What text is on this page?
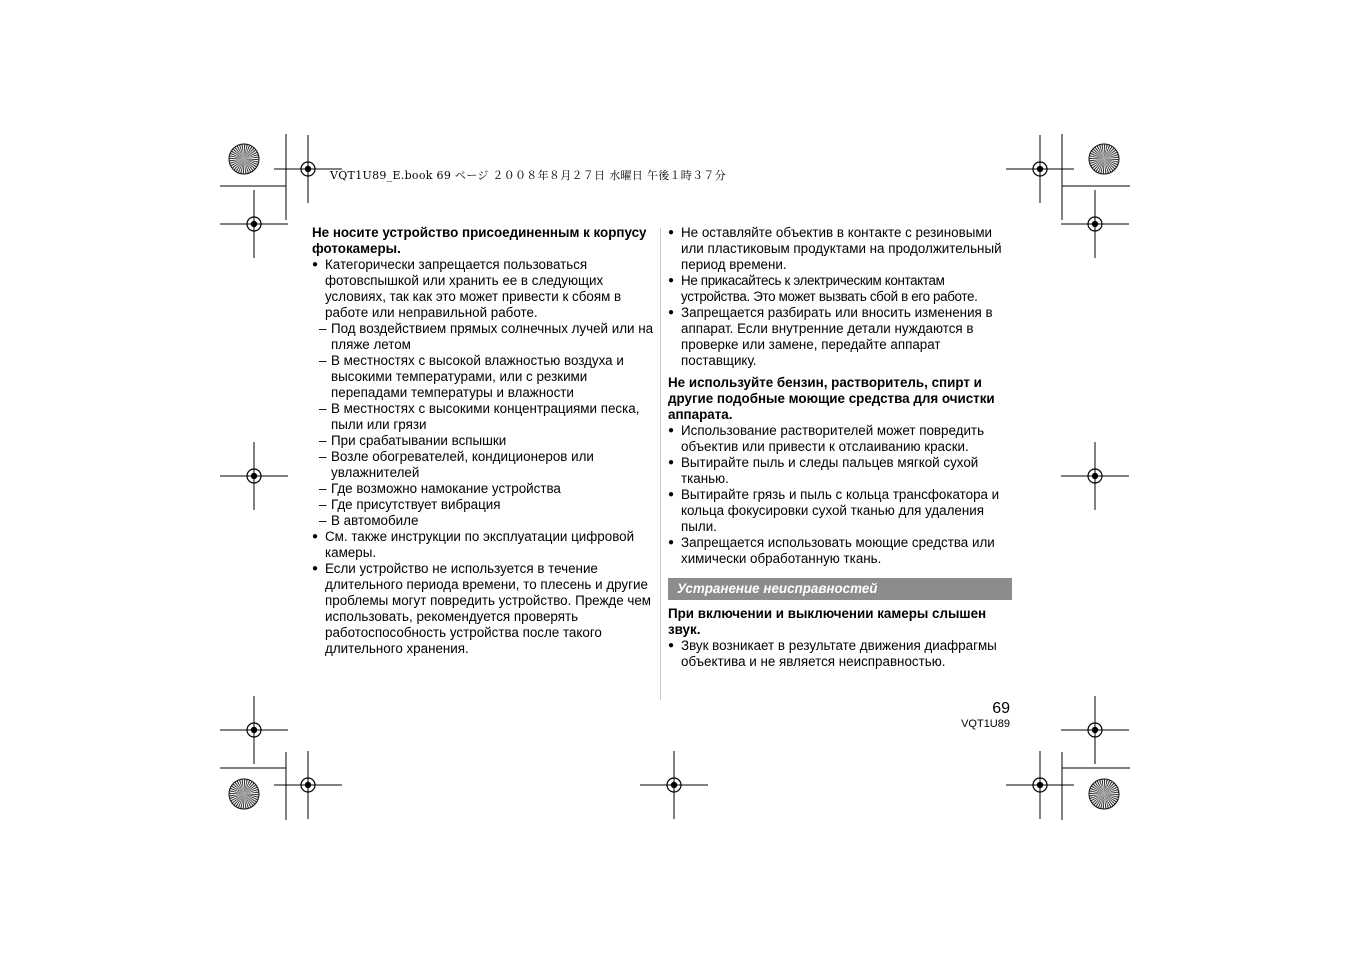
VQT1U89_E.book 69 ページ ２００８年８月２７日 水曜日 午後１時３７分

Не носите устройство присоединенным к корпусу фотокамеры.

● Категорически запрещается пользоваться фотовспышкой или хранить ее в следующих условиях, так как это может привести к сбоям в работе или неправильной работе.

– Под воздействием прямых солнечных лучей или на пляже летом

– В местностях с высокой влажностью воздуха и высокими температурами, или с резкими перепадами температуры и влажности

– В местностях с высокими концентрациями песка, пыли или грязи

– При срабатывании вспышки

– Возле обогревателей, кондиционеров или увлажнителей

– Где возможно намокание устройства

– Где присутствует вибрация

– В автомобиле

● См. также инструкции по эксплуатации цифровой камеры.

● Если устройство не используется в течение длительного периода времени, то плесень и другие проблемы могут повредить устройство. Прежде чем использовать, рекомендуется проверять работоспособность устройства после такого длительного хранения.

● Не оставляйте объектив в контакте с резиновыми или пластиковым продуктами на продолжительный период времени.

● Не прикасайтесь к электрическим контактам устройства. Это может вызвать сбой в его работе.

● Запрещается разбирать или вносить изменения в аппарат. Если внутренние детали нуждаются в проверке или замене, передайте аппарат поставщику.

Не используйте бензин, растворитель, спирт и другие подобные моющие средства для очистки аппарата.

● Использование растворителей может повредить объектив или привести к отслаиванию краски.

● Вытирайте пыль и следы пальцев мягкой сухой тканью.

● Вытирайте грязь и пыль с кольца трансфокатора и кольца фокусировки сухой тканью для удаления пыли.

● Запрещается использовать моющие средства или химически обработанную ткань.

Устранение неисправностей

При включении и выключении камеры слышен звук.

● Звук возникает в результате движения диафрагмы объектива и не является неисправностью.

69
VQT1U89
